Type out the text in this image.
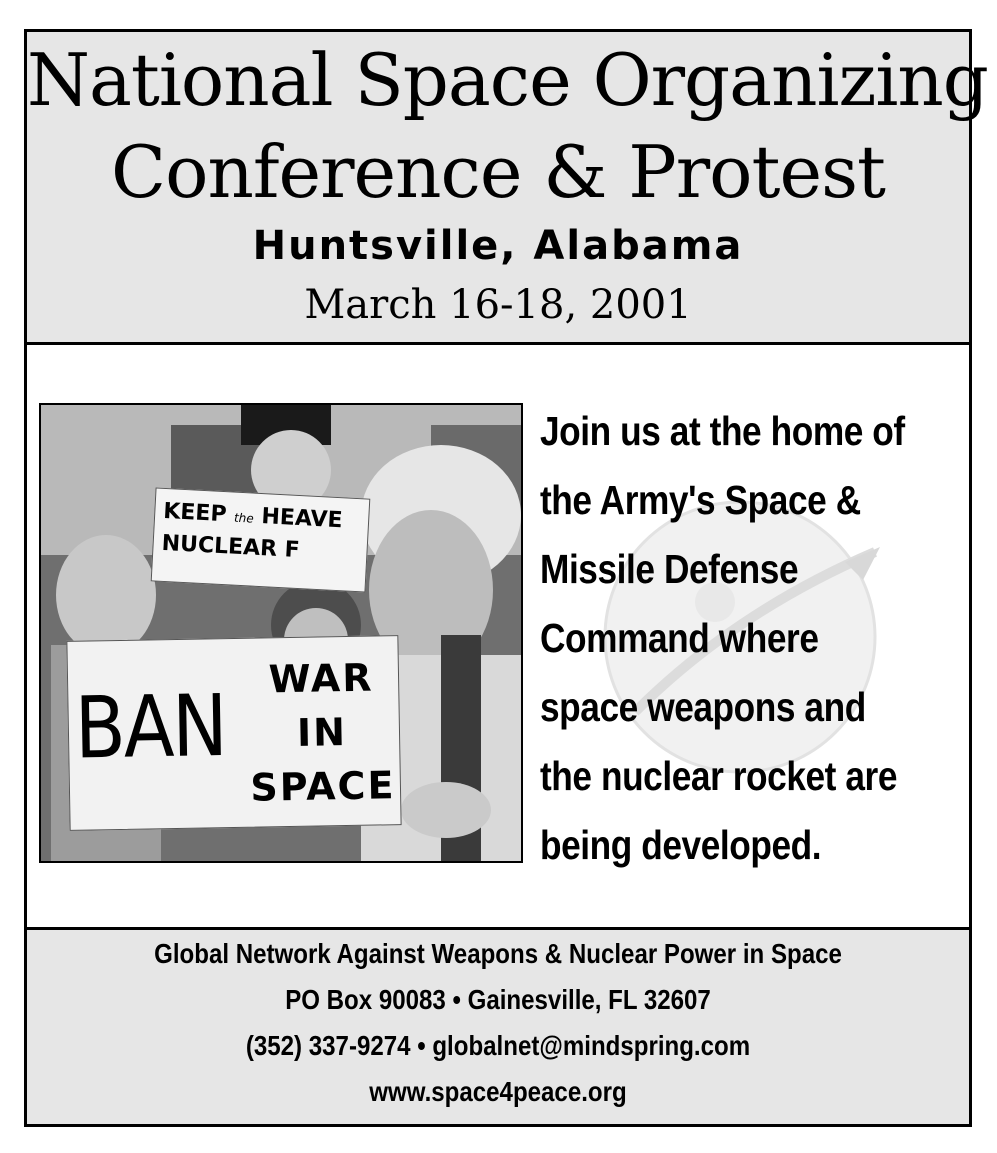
National Space Organizing
Conference & Protest
Huntsville, Alabama
March 16-18, 2001
KEEP the HEAVE
NUCLEAR F
BAN	WAR
IN
SPACE
Join us at the home of
the Army's Space &
Missile Defense
Command where
space weapons and
the nuclear rocket are
being developed.
Global Network Against Weapons & Nuclear Power in Space
PO Box 90083 • Gainesville, FL 32607
(352) 337-9274 • globalnet@mindspring.com
www.space4peace.org
